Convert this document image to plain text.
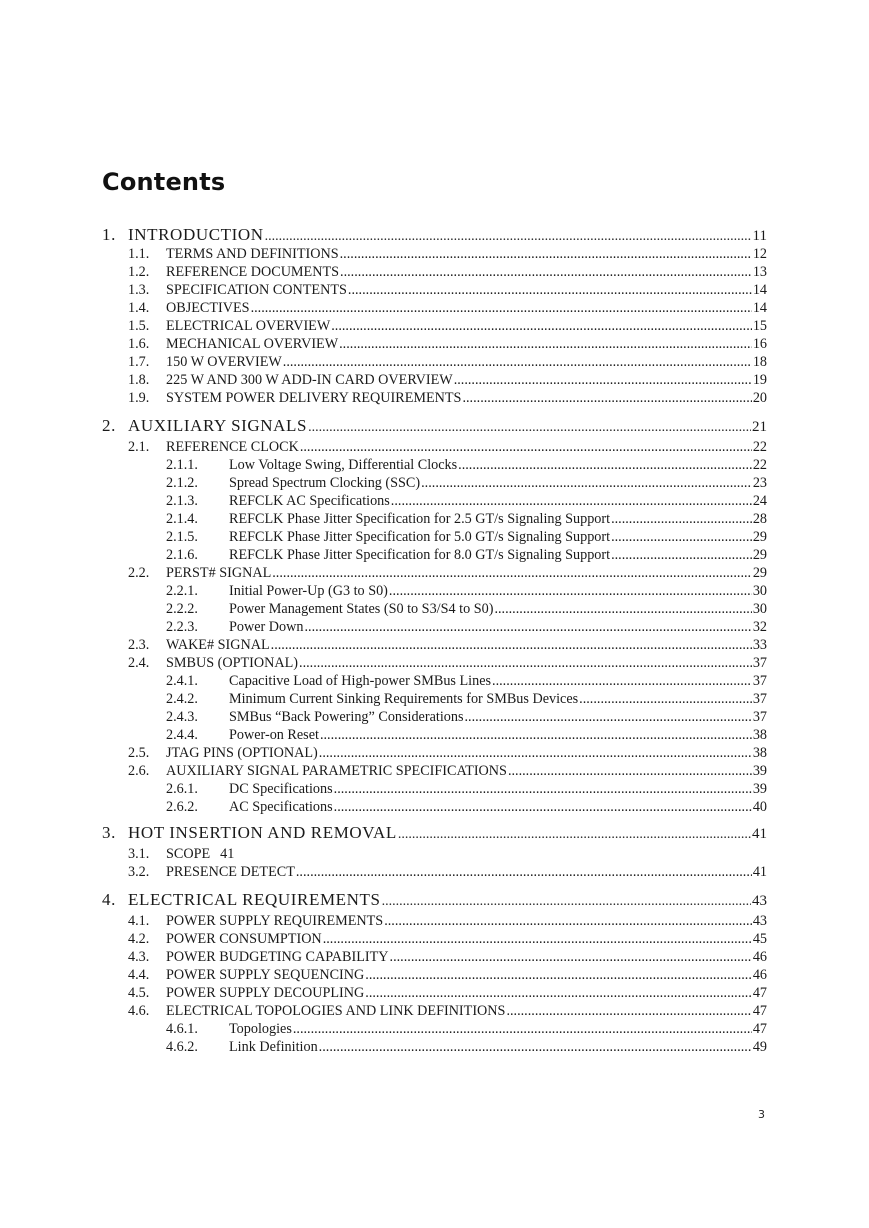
Contents
1. INTRODUCTION .....	11
1.1.	TERMS AND DEFINITIONS .....	12
1.2.	REFERENCE DOCUMENTS .....	13
1.3.	SPECIFICATION CONTENTS .....	14
1.4.	OBJECTIVES .....	14
1.5.	ELECTRICAL OVERVIEW .....	15
1.6.	MECHANICAL OVERVIEW .....	16
1.7.	150 W OVERVIEW .....	18
1.8.	225 W AND 300 W ADD-IN CARD OVERVIEW .....	19
1.9.	SYSTEM POWER DELIVERY REQUIREMENTS .....	20
2. AUXILIARY SIGNALS .....	21
2.1.	REFERENCE CLOCK .....	22
2.1.1.	Low Voltage Swing, Differential Clocks .....	22
2.1.2.	Spread Spectrum Clocking (SSC) .....	23
2.1.3.	REFCLK AC Specifications .....	24
2.1.4.	REFCLK Phase Jitter Specification for 2.5 GT/s Signaling Support .....	28
2.1.5.	REFCLK Phase Jitter Specification for 5.0 GT/s Signaling Support .....	29
2.1.6.	REFCLK Phase Jitter Specification for 8.0 GT/s Signaling Support .....	29
2.2.	PERST# SIGNAL .....	29
2.2.1.	Initial Power-Up (G3 to S0) .....	30
2.2.2.	Power Management States (S0 to S3/S4 to S0) .....	30
2.2.3.	Power Down .....	32
2.3.	WAKE# SIGNAL .....	33
2.4.	SMBUS (OPTIONAL) .....	37
2.4.1.	Capacitive Load of High-power SMBus Lines .....	37
2.4.2.	Minimum Current Sinking Requirements for SMBus Devices .....	37
2.4.3.	SMBus “Back Powering” Considerations .....	37
2.4.4.	Power-on Reset .....	38
2.5.	JTAG PINS (OPTIONAL) .....	38
2.6.	AUXILIARY SIGNAL PARAMETRIC SPECIFICATIONS .....	39
2.6.1.	DC Specifications .....	39
2.6.2.	AC Specifications .....	40
3. HOT INSERTION AND REMOVAL .....	41
3.1.	SCOPE 41
3.2.	PRESENCE DETECT .....	41
4. ELECTRICAL REQUIREMENTS .....	43
4.1.	POWER SUPPLY REQUIREMENTS .....	43
4.2.	POWER CONSUMPTION .....	45
4.3.	POWER BUDGETING CAPABILITY .....	46
4.4.	POWER SUPPLY SEQUENCING .....	46
4.5.	POWER SUPPLY DECOUPLING .....	47
4.6.	ELECTRICAL TOPOLOGIES AND LINK DEFINITIONS .....	47
4.6.1.	Topologies .....	47
4.6.2.	Link Definition .....	49
3
